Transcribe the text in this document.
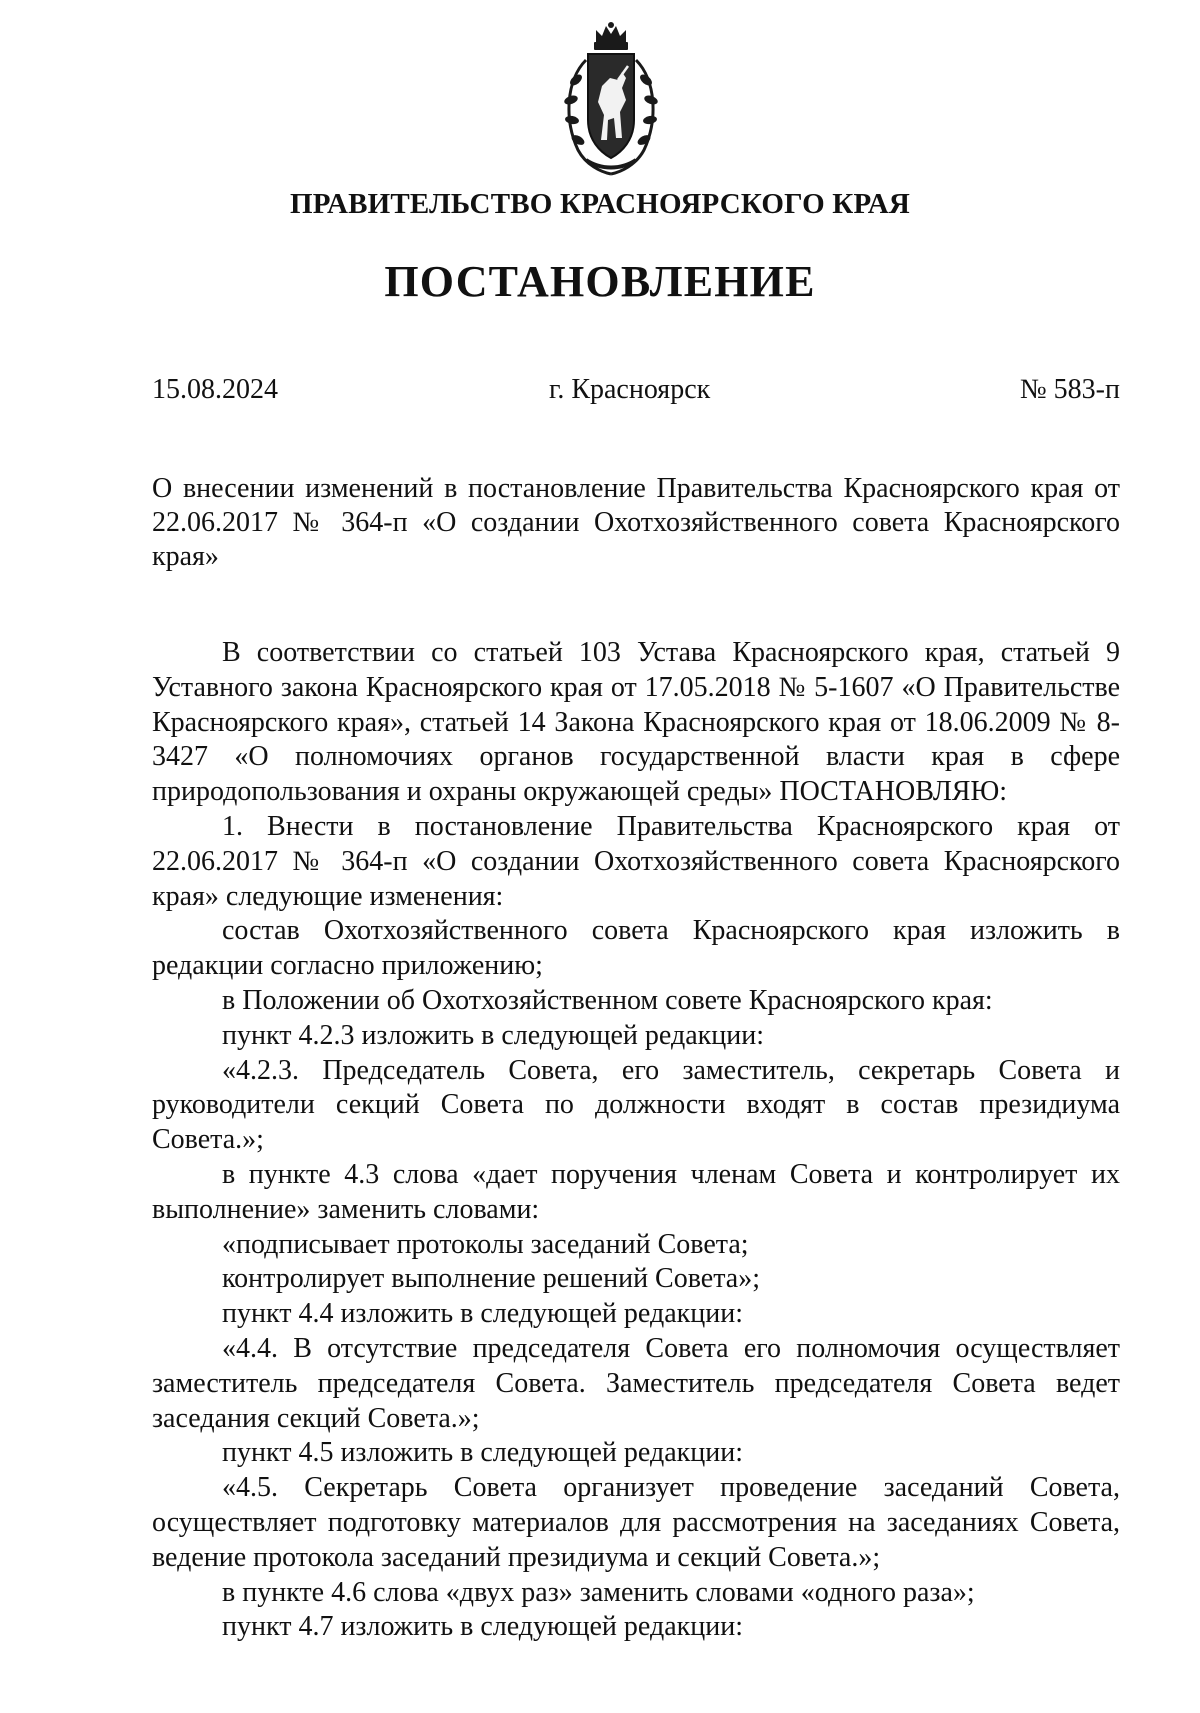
ПРАВИТЕЛЬСТВО КРАСНОЯРСКОГО КРАЯ
ПОСТАНОВЛЕНИЕ
15.08.2024	г. Красноярск	№ 583-п
О внесении изменений в постановление Правительства Красноярского края от 22.06.2017 № 364-п «О создании Охотхозяйственного совета Красноярского края»

В соответствии со статьей 103 Устава Красноярского края, статьей 9 Уставного закона Красноярского края от 17.05.2018 № 5-1607 «О Правительстве Красноярского края», статьей 14 Закона Красноярского края от 18.06.2009 № 8-3427 «О полномочиях органов государственной власти края в сфере природопользования и охраны окружающей среды» ПОСТАНОВЛЯЮ:

1. Внести в постановление Правительства Красноярского края от 22.06.2017 № 364-п «О создании Охотхозяйственного совета Красноярского края» следующие изменения:

состав Охотхозяйственного совета Красноярского края изложить в редакции согласно приложению;

в Положении об Охотхозяйственном совете Красноярского края:

пункт 4.2.3 изложить в следующей редакции:

«4.2.3. Председатель Совета, его заместитель, секретарь Совета и руководители секций Совета по должности входят в состав президиума Совета.»;

в пункте 4.3 слова «дает поручения членам Совета и контролирует их выполнение» заменить словами:

«подписывает протоколы заседаний Совета;

контролирует выполнение решений Совета»;

пункт 4.4 изложить в следующей редакции:

«4.4. В отсутствие председателя Совета его полномочия осуществляет заместитель председателя Совета. Заместитель председателя Совета ведет заседания секций Совета.»;

пункт 4.5 изложить в следующей редакции:

«4.5. Секретарь Совета организует проведение заседаний Совета, осуществляет подготовку материалов для рассмотрения на заседаниях Совета, ведение протокола заседаний президиума и секций Совета.»;

в пункте 4.6 слова «двух раз» заменить словами «одного раза»;

пункт 4.7 изложить в следующей редакции:
